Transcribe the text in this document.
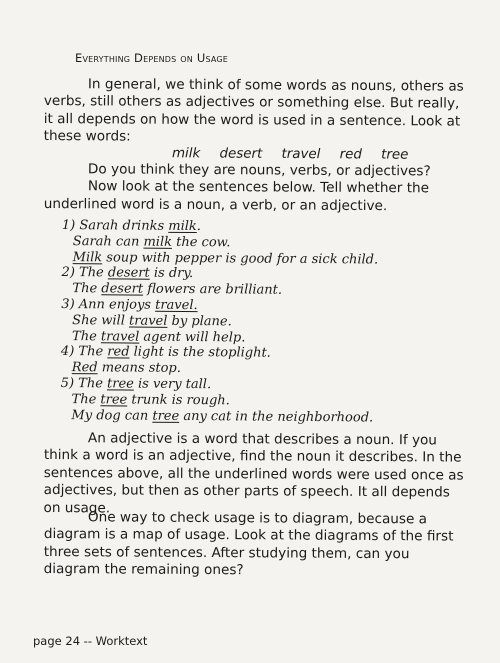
Everything Depends on Usage

In general, we think of some words as nouns, others as verbs, still others as adjectives or something else. But really, it all depends on how the word is used in a sentence. Look at these words:

milk desert travel red tree

Do you think they are nouns, verbs, or adjectives?

Now look at the sentences below. Tell whether the underlined word is a noun, a verb, or an adjective.

1) Sarah drinks milk.
Sarah can milk the cow.
Milk soup with pepper is good for a sick child.
2) The desert is dry.
The desert flowers are brilliant.
3) Ann enjoys travel.
She will travel by plane.
The travel agent will help.
4) The red light is the stoplight.
Red means stop.
5) The tree is very tall.
The tree trunk is rough.
My dog can tree any cat in the neighborhood.

An adjective is a word that describes a noun. If you think a word is an adjective, find the noun it describes. In the sentences above, all the underlined words were used once as adjectives, but then as other parts of speech. It all depends on usage.

One way to check usage is to diagram, because a diagram is a map of usage. Look at the diagrams of the first three sets of sentences. After studying them, can you diagram the remaining ones?

page 24 -- Worktext
